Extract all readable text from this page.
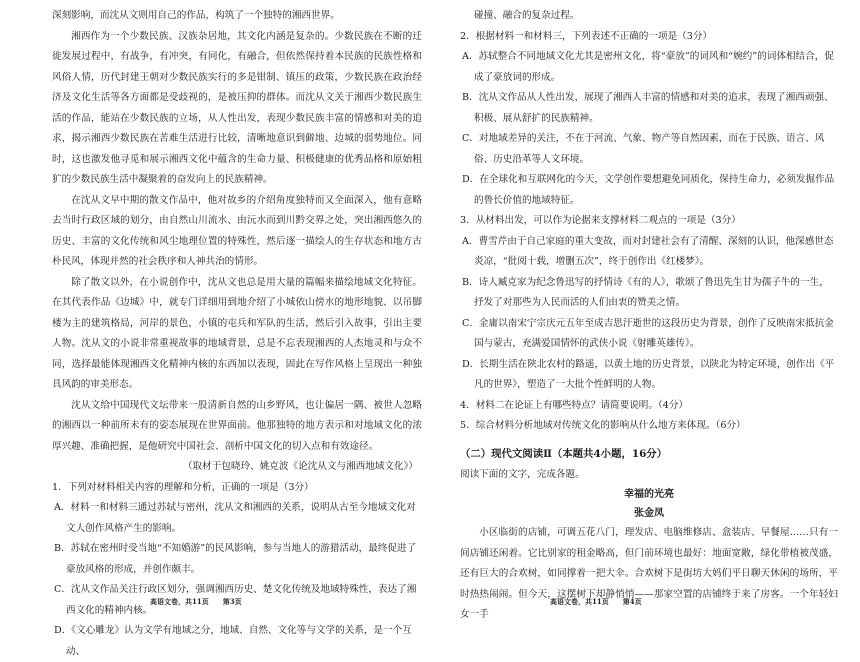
深刻影响，而沈从文则用自己的作品，构筑了一个独特的湘西世界。

湘西作为一个少数民族、汉族杂居地，其文化内涵是复杂的。少数民族在不断的迁徙发展过程中，有战争，有冲突，有同化，有融合，但依然保持着本民族的民族性格和风俗人情，历代封建王朝对少数民族实行的多是钳制、镇压的政策，少数民族在政治经济及文化生活等各方面都是受歧视的，是被压抑的群体。而沈从文关于湘西少数民族生活的作品，能站在少数民族的立场，从人性出发，表现少数民族丰富的情感和对美的追求，揭示湘西少数民族在苦难生活进行比较，清晰地意识到僻地、边城的弱势地位。同时，这也激发他寻觅和展示湘西文化中蕴含的生命力量、积极健康的优秀品格和原始粗犷的少数民族生活中凝聚着的奋发向上的民族精神。

在沈从文早中期的散文作品中，他对故乡的介绍角度独特而又全面深入，他有意略去当时行政区域的划分，由自然山川流水、由沅水而到川黔交界之处，突出湘西悠久的历史、丰富的文化传统和风尘地理位置的特殊性，然后逐一描绘人的生存状态和地方古朴民风，体现并然的社会秩序和人神共治的情形。

除了散文以外，在小说创作中，沈从文也总是用大量的篇幅来描绘地域文化特征。在其代表作品《边城》中，就专门详细用到地介绍了小城依山傍水的地形地貌、以吊脚楼为主的建筑格局，河岸的景色，小镇的屯兵和军队的生活，然后引入故事，引出主要人物。沈从文的小说非常重视故事的地域背景，总是不忘表现湘西的人杰地灵和与众不同，选择最能体现湘西文化精神内核的东西加以表现，固此在写作风格上呈现出一种独具风韵的审美形态。

沈从文给中国现代文坛带来一股清新自然的山乡野风，也让偏居一隅、被世人忽略的湘西以一种前所未有的姿态展现在世界面前。他那独特的地方表示和对地域文化的浓厚兴趣、准确把握，是他研究中国社会、剖析中国文化的切入点和有效途径。

（取材于包晓玲、姚克波《论沈从文与湘西地域文化》）

1．下列对材料相关内容的理解和分析，正确的一项是（3分）

A．材料一和材料三通过苏轼与密州，沈从文和湘西的关系，说明从古至今地域文化对文人创作风格产生的影响。

B．苏轼在密州时受当地“不知婚游”的民风影响，参与当地人的游猎活动，最终促进了豪放风格的形成，并创作颇丰。

C．沈从文作品关注行政区划分，强调湘西历史、楚文化传统及地域特殊性，表达了湘西文化的精神内核。

D．《文心雕龙》认为文学有地域之分，地域、自然、文化等与文学的关系，是一个互动、

高语文卷，共11页　　第3页

碰撞、融合的复杂过程。

2．根据材料一和材料三，下列表述不正确的一项是（3分）

A．苏轼整合不同地域文化尤其是密州文化，将“豪放”的词风和“婉约”的词体相结合，促成了豪放词的形成。

B．沈从文作品从人性出发，展现了湘西人丰富的情感和对美的追求，表现了湘西顽强、积极、展从舒扩的民族精神。

C．对地域差异的关注，不在于河流、气象、物产等自然因素，而在于民族、语言、风俗、历史沿革等人文环境。

D．在全球化和互联网化的今天，文学创作要想避免同质化，保持生命力，必须发掘作品的鲁长价值的地域特征。

3．从材料出发，可以作为论据来支撑材料二观点的一项是（3分）

A．曹雪芹由于自己家庭的重大变故，而对封建社会有了清醒、深刻的认识，他深感世态炎凉，“批阅十载，增删五次”，终于创作出《红楼梦》。

B．诗人臧克家为纪念鲁迅写的抒情诗《有的人》，歌颂了鲁迅先生甘为孺子牛的一生，抒发了对那些为人民而活的人们由衷的赞美之情。

C．金庸以南宋宁宗庆元五年至成吉思汗逝世的这段历史为背景，创作了反映南宋抵抗金国与蒙古，充满爱国情怀的武侠小说《射雕英雄传》。

D．长期生活在陕北农村的路遥，以黄土地的历史背景，以陕北为特定环境，创作出《平凡的世界》，塑造了一大批个性鲜明的人物。

4．材料二在论证上有哪些特点？请简要说明。（4分）

5．综合材料分析地域对传统文化的影响从什么地方来体现。（6分）

（二）现代文阅读Ⅱ（本题共4小题，16分）

阅读下面的文字，完成各题。

幸福的光亮

张金凤

小区临街的店铺，可调五花八门，理发店、电脑维修店、盒装店、早餐屋……只有一间店铺还闲着。它比别家的租金略高，但门前环境也最好：地面宽敞，绿化带植被茂盛，还有巨大的合欢树，如同撑着一把大伞。合欢树下是街坊大妈们平日聊天休闲的场所，平时热热闹闹。但今天，这摆树下却静悄悄——那家空置的店铺终于来了房客。一个年轻妇女一手

高语文卷，共11页　　第4页
